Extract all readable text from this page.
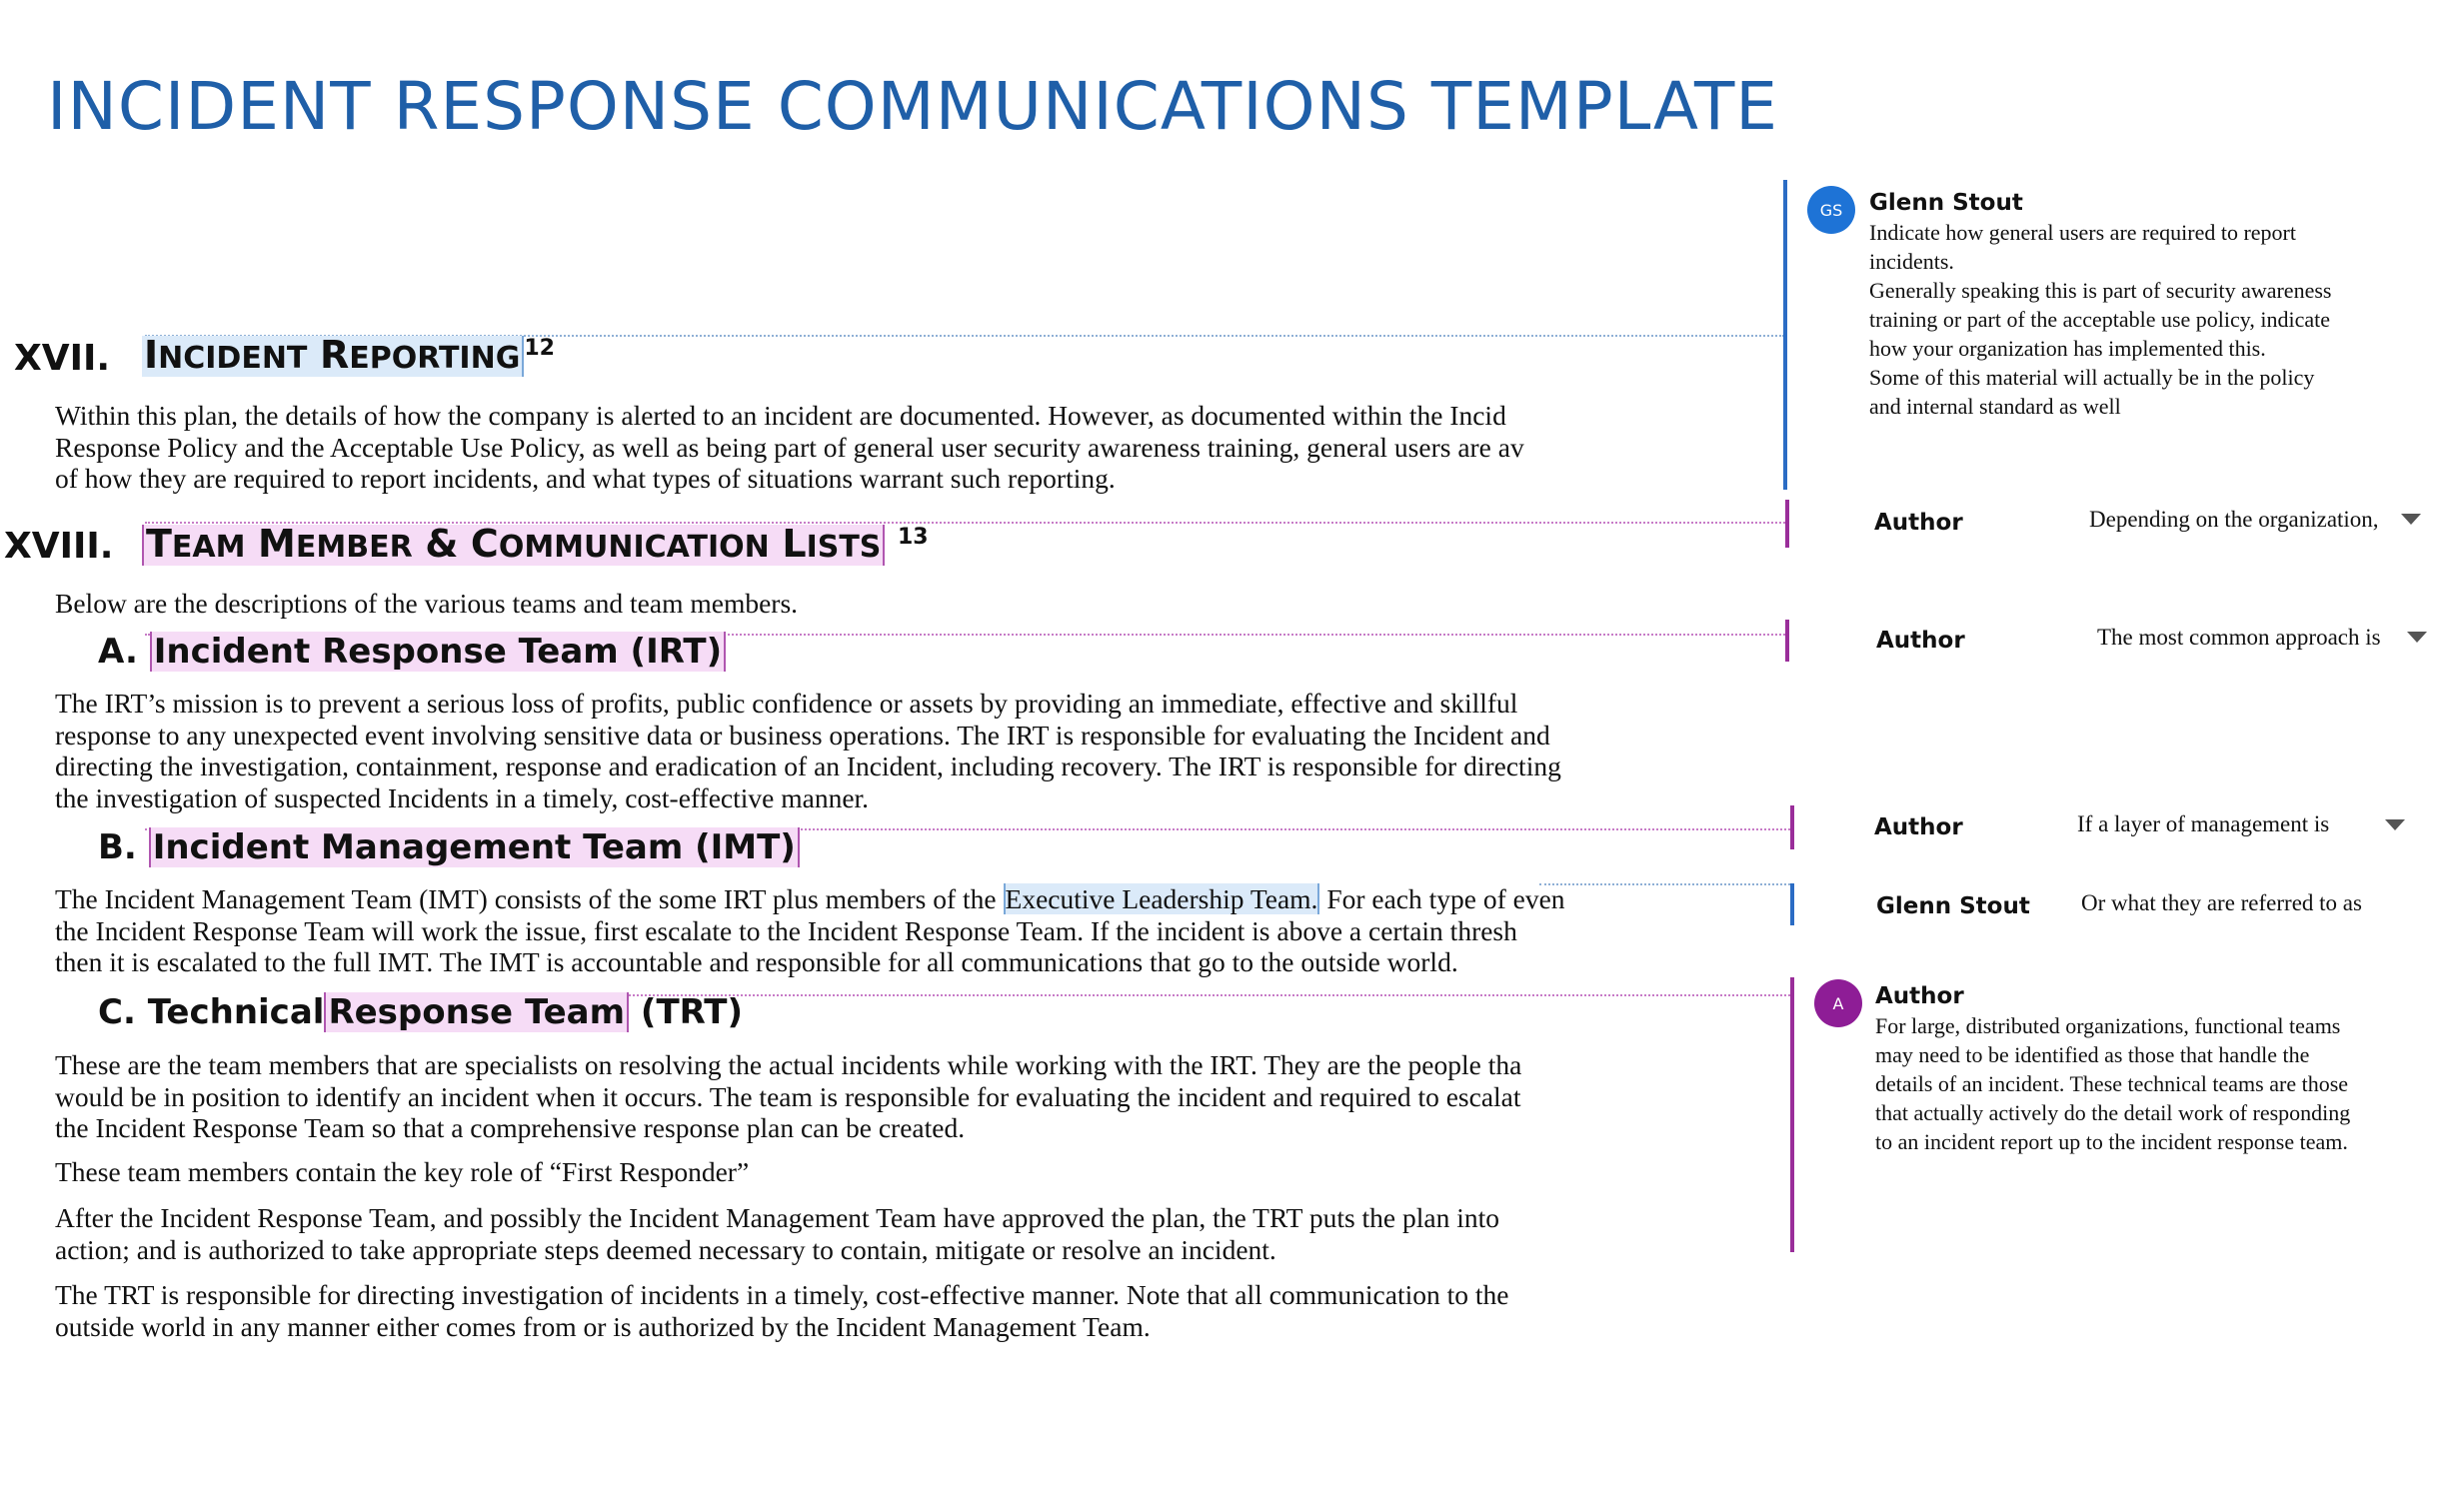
INCIDENT RESPONSE COMMUNICATIONS TEMPLATE
XVII. INCIDENT REPORTING $^{12}$
Within this plan, the details of how the company is alerted to an incident are documented. However, as documented within the Incid
Response Policy and the Acceptable Use Policy, as well as being part of general user security awareness training, general users are av
of how they are required to report incidents, and what types of situations warrant such reporting.
XVIII. TEAM MEMBER & COMMUNICATION LISTS $^{13}$
Below are the descriptions of the various teams and team members.
A. Incident Response Team (IRT)
The IRT’s mission is to prevent a serious loss of profits, public confidence or assets by providing an immediate, effective and skillful
response to any unexpected event involving sensitive data or business operations. The IRT is responsible for evaluating the Incident and
directing the investigation, containment, response and eradication of an Incident, including recovery. The IRT is responsible for directing
the investigation of suspected Incidents in a timely, cost-effective manner.
B. Incident Management Team (IMT)
The Incident Management Team (IMT) consists of the some IRT plus members of the Executive Leadership Team. For each type of even
the Incident Response Team will work the issue, first escalate to the Incident Response Team. If the incident is above a certain thresh
then it is escalated to the full IMT. The IMT is accountable and responsible for all communications that go to the outside world.
C. Technical Response Team (TRT)
These are the team members that are specialists on resolving the actual incidents while working with the IRT. They are the people tha
would be in position to identify an incident when it occurs. The team is responsible for evaluating the incident and required to escalat
the Incident Response Team so that a comprehensive response plan can be created.
These team members contain the key role of “First Responder”
After the Incident Response Team, and possibly the Incident Management Team have approved the plan, the TRT puts the plan into
action; and is authorized to take appropriate steps deemed necessary to contain, mitigate or resolve an incident.
The TRT is responsible for directing investigation of incidents in a timely, cost-effective manner. Note that all communication to the
outside world in any manner either comes from or is authorized by the Incident Management Team.
GS	Glenn Stout
Indicate how general users are required to report
incidents.
Generally speaking this is part of security awareness
training or part of the acceptable use policy, indicate
how your organization has implemented this.
Some of this material will actually be in the policy
and internal standard as well
Author	Depending on the organization,
Author	The most common approach is
Author	If a layer of management is
Glenn Stout Or what they are referred to as
A	Author
For large, distributed organizations, functional teams
may need to be identified as those that handle the
details of an incident. These technical teams are those
that actually actively do the detail work of responding
to an incident report up to the incident response team.
